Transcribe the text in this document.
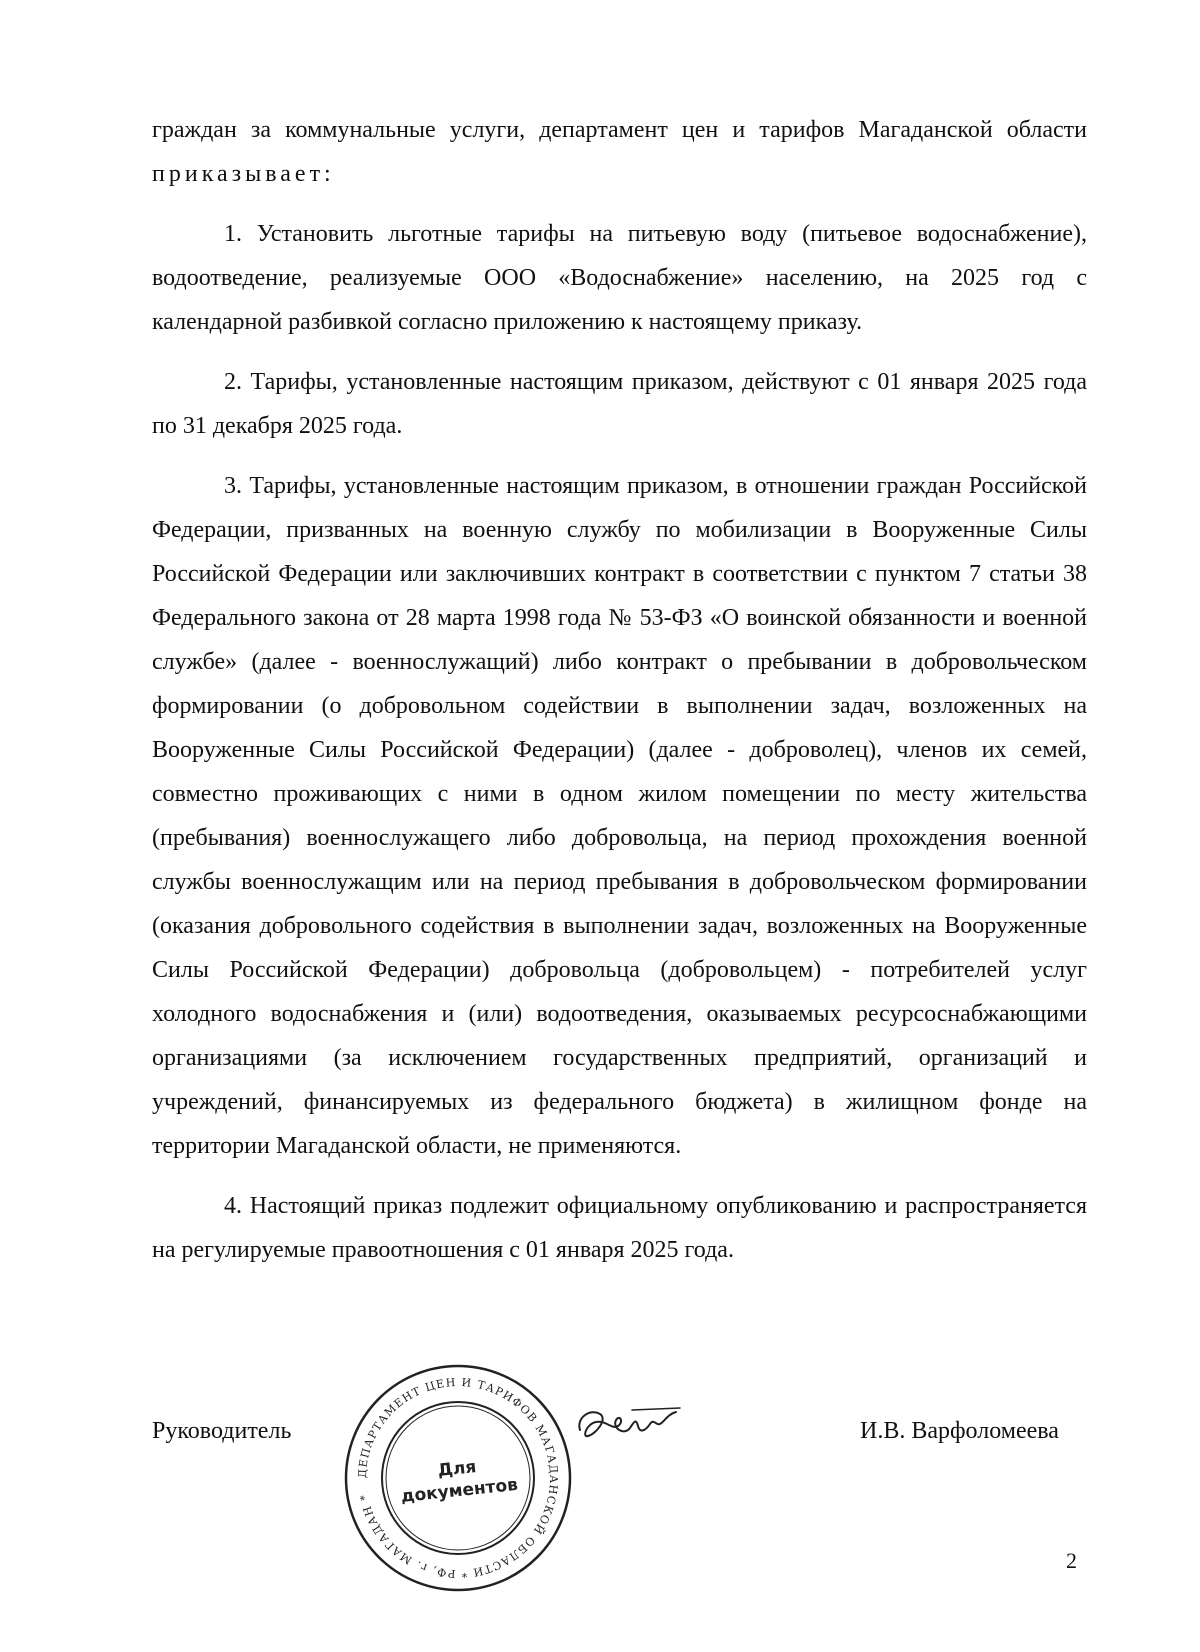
граждан за коммунальные услуги, департамент цен и тарифов Магаданской области приказывает:

1. Установить льготные тарифы на питьевую воду (питьевое водоснабжение), водоотведение, реализуемые ООО «Водоснабжение» населению, на 2025 год с календарной разбивкой согласно приложению к настоящему приказу.

2. Тарифы, установленные настоящим приказом, действуют с 01 января 2025 года по 31 декабря 2025 года.

3. Тарифы, установленные настоящим приказом, в отношении граждан Российской Федерации, призванных на военную службу по мобилизации в Вооруженные Силы Российской Федерации или заключивших контракт в соответствии с пунктом 7 статьи 38 Федерального закона от 28 марта 1998 года № 53-ФЗ «О воинской обязанности и военной службе» (далее - военнослужащий) либо контракт о пребывании в добровольческом формировании (о добровольном содействии в выполнении задач, возложенных на Вооруженные Силы Российской Федерации) (далее - доброволец), членов их семей, совместно проживающих с ними в одном жилом помещении по месту жительства (пребывания) военнослужащего либо добровольца, на период прохождения военной службы военнослужащим или на период пребывания в добровольческом формировании (оказания добровольного содействия в выполнении задач, возложенных на Вооруженные Силы Российской Федерации) добровольца (добровольцем) - потребителей услуг холодного водоснабжения и (или) водоотведения, оказываемых ресурсоснабжающими организациями (за исключением государственных предприятий, организаций и учреждений, финансируемых из федерального бюджета) в жилищном фонде на территории Магаданской области, не применяются.

4. Настоящий приказ подлежит официальному опубликованию и распространяется на регулируемые правоотношения с 01 января 2025 года.

Руководитель
ДЕПАРТАМЕНТ ЦЕН И ТАРИФОВ МАГАДАНСКОЙ ОБЛАСТИ * РФ, г. МАГАДАН *
Для
документов
И.В. Варфоломеева
2
